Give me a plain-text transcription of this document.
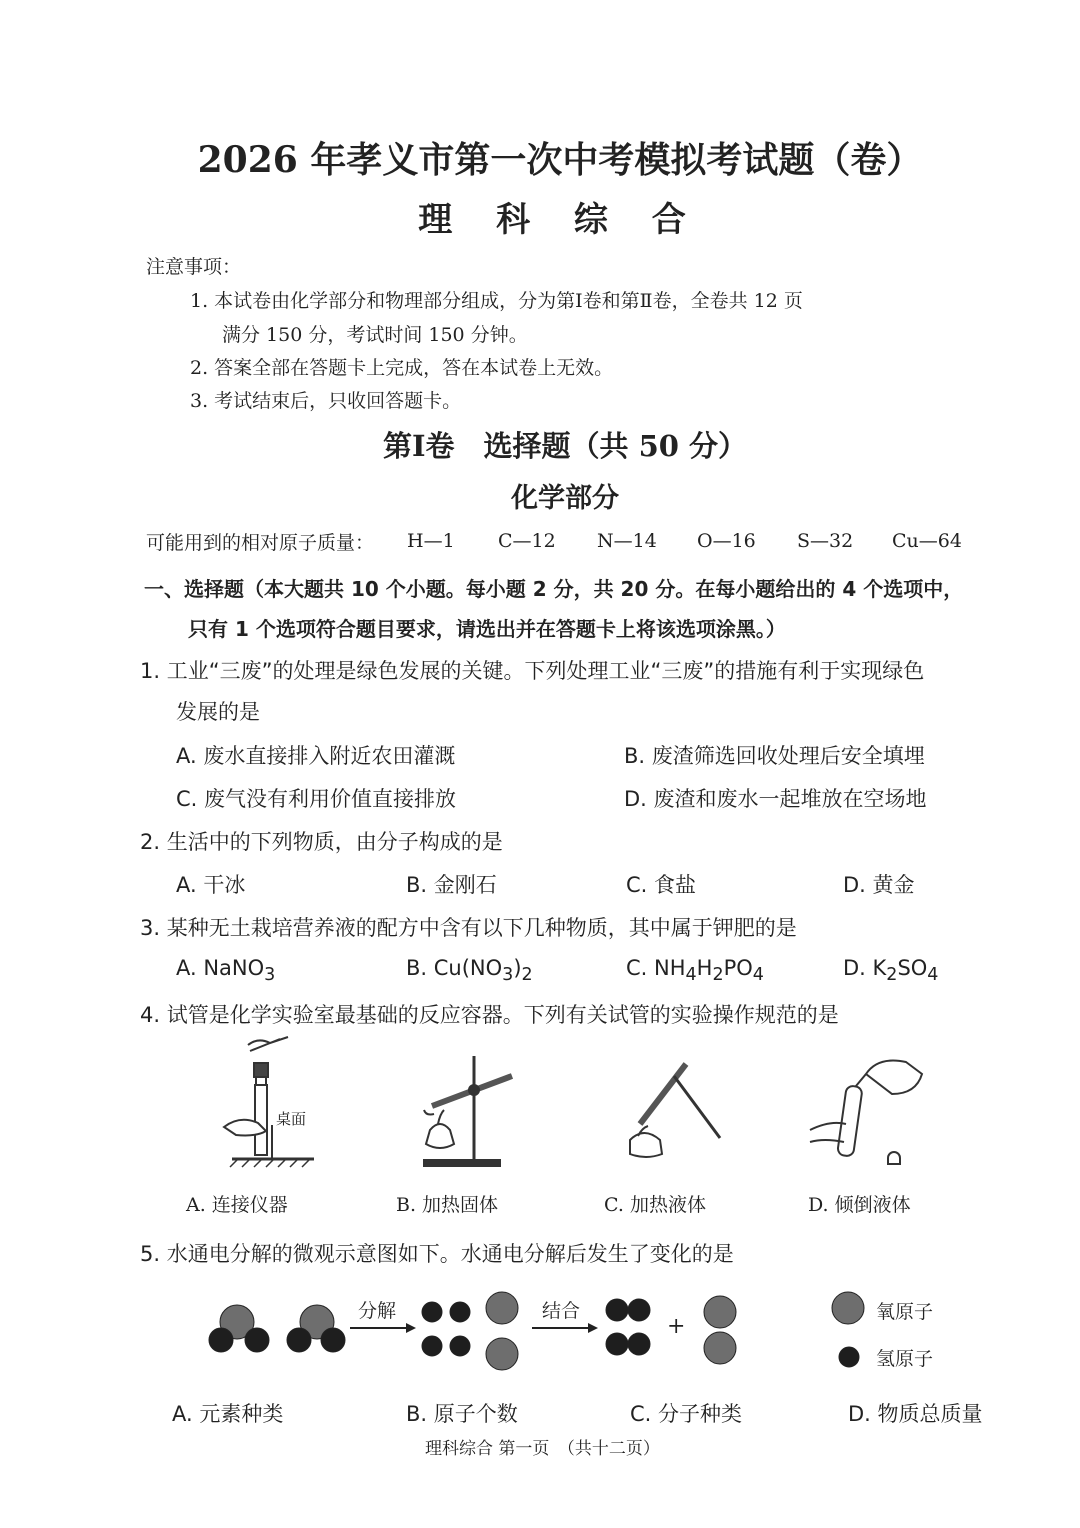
2026 年孝义市第一次中考模拟考试题（卷）
理 科 综 合
注意事项：
1. 本试卷由化学部分和物理部分组成，分为第Ⅰ卷和第Ⅱ卷，全卷共 12 页
满分 150 分，考试时间 150 分钟。
2. 答案全部在答题卡上完成，答在本试卷上无效。
3. 考试结束后，只收回答题卡。
第Ⅰ卷　选择题（共 50 分）
化学部分
可能用到的相对原子质量： H—1 C—12 N—14 O—16 S—32 Cu—64
一、选择题（本大题共 10 个小题。每小题 2 分，共 20 分。在每小题给出的 4 个选项中，
只有 1 个选项符合题目要求，请选出并在答题卡上将该选项涂黑。）
1. 工业“三废”的处理是绿色发展的关键。下列处理工业“三废”的措施有利于实现绿色
发展的是
A. 废水直接排入附近农田灌溉	B. 废渣筛选回收处理后安全填埋
C. 废气没有利用价值直接排放	D. 废渣和废水一起堆放在空场地
2. 生活中的下列物质，由分子构成的是
A. 干冰	B. 金刚石	C. 食盐	D. 黄金
3. 某种无土栽培营养液的配方中含有以下几种物质，其中属于钾肥的是
A. NaNO$_3$	B. $Cu(NO_3)_2$	C. $NH_4H_2PO_4$	D. $K_2SO_4$
4. 试管是化学实验室最基础的反应容器。下列有关试管的实验操作规范的是
桌面
A. 连接仪器	B. 加热固体	C. 加热液体	D. 倾倒液体
5. 水通电分解的微观示意图如下。水通电分解后发生了变化的是
分解	结合
+
氧原子
氢原子
A. 元素种类	B. 原子个数	C. 分子种类	D. 物质总质量
理科综合 第一页　（共十二页）
